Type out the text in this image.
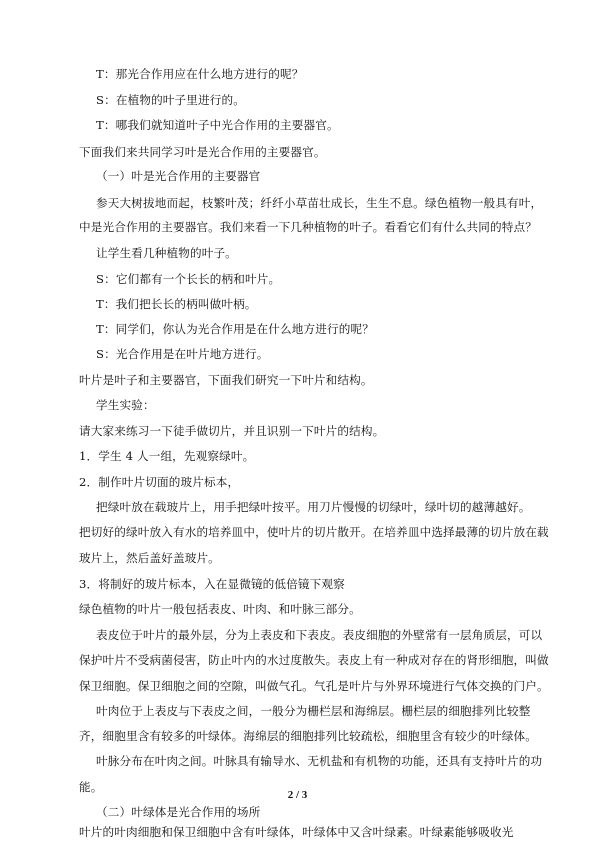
T：那光合作用应在什么地方进行的呢？
S：在植物的叶子里进行的。
T：哪我们就知道叶子中光合作用的主要器官。
下面我们来共同学习叶是光合作用的主要器官。
（一）叶是光合作用的主要器官
参天大树拔地而起，枝繁叶茂；纤纤小草苗壮成长，生生不息。绿色植物一般具有叶，
中是光合作用的主要器官。我们来看一下几种植物的叶子。看看它们有什么共同的特点？
让学生看几种植物的叶子。
S：它们都有一个长长的柄和叶片。
T：我们把长长的柄叫做叶柄。
T：同学们，你认为光合作用是在什么地方进行的呢？
S：光合作用是在叶片地方进行。
叶片是叶子和主要器官，下面我们研究一下叶片和结构。
学生实验：
请大家来练习一下徒手做切片，并且识别一下叶片的结构。
1．学生 4 人一组，先观察绿叶。
2．制作叶片切面的玻片标本，
把绿叶放在载玻片上，用手把绿叶按平。用刀片慢慢的切绿叶，绿叶切的越薄越好。
把切好的绿叶放入有水的培养皿中，使叶片的切片散开。在培养皿中选择最薄的切片放在载
玻片上，然后盖好盖玻片。
3．将制好的玻片标本，入在显微镜的低倍镜下观察
绿色植物的叶片一般包括表皮、叶肉、和叶脉三部分。
表皮位于叶片的最外层，分为上表皮和下表皮。表皮细胞的外壁常有一层角质层，可以
保护叶片不受病菌侵害，防止叶内的水过度散失。表皮上有一种成对存在的肾形细胞，叫做
保卫细胞。保卫细胞之间的空隙，叫做气孔。气孔是叶片与外界环境进行气体交换的门户。
叶肉位于上表皮与下表皮之间，一般分为栅栏层和海绵层。栅栏层的细胞排列比较整
齐，细胞里含有较多的叶绿体。海绵层的细胞排列比较疏松，细胞里含有较少的叶绿体。
叶脉分布在叶肉之间。叶脉具有输导水、无机盐和有机物的功能，还具有支持叶片的功
能。
（二）叶绿体是光合作用的场所
叶片的叶肉细胞和保卫细胞中含有叶绿体，叶绿体中又含叶绿素。叶绿素能够吸收光
2 / 3
